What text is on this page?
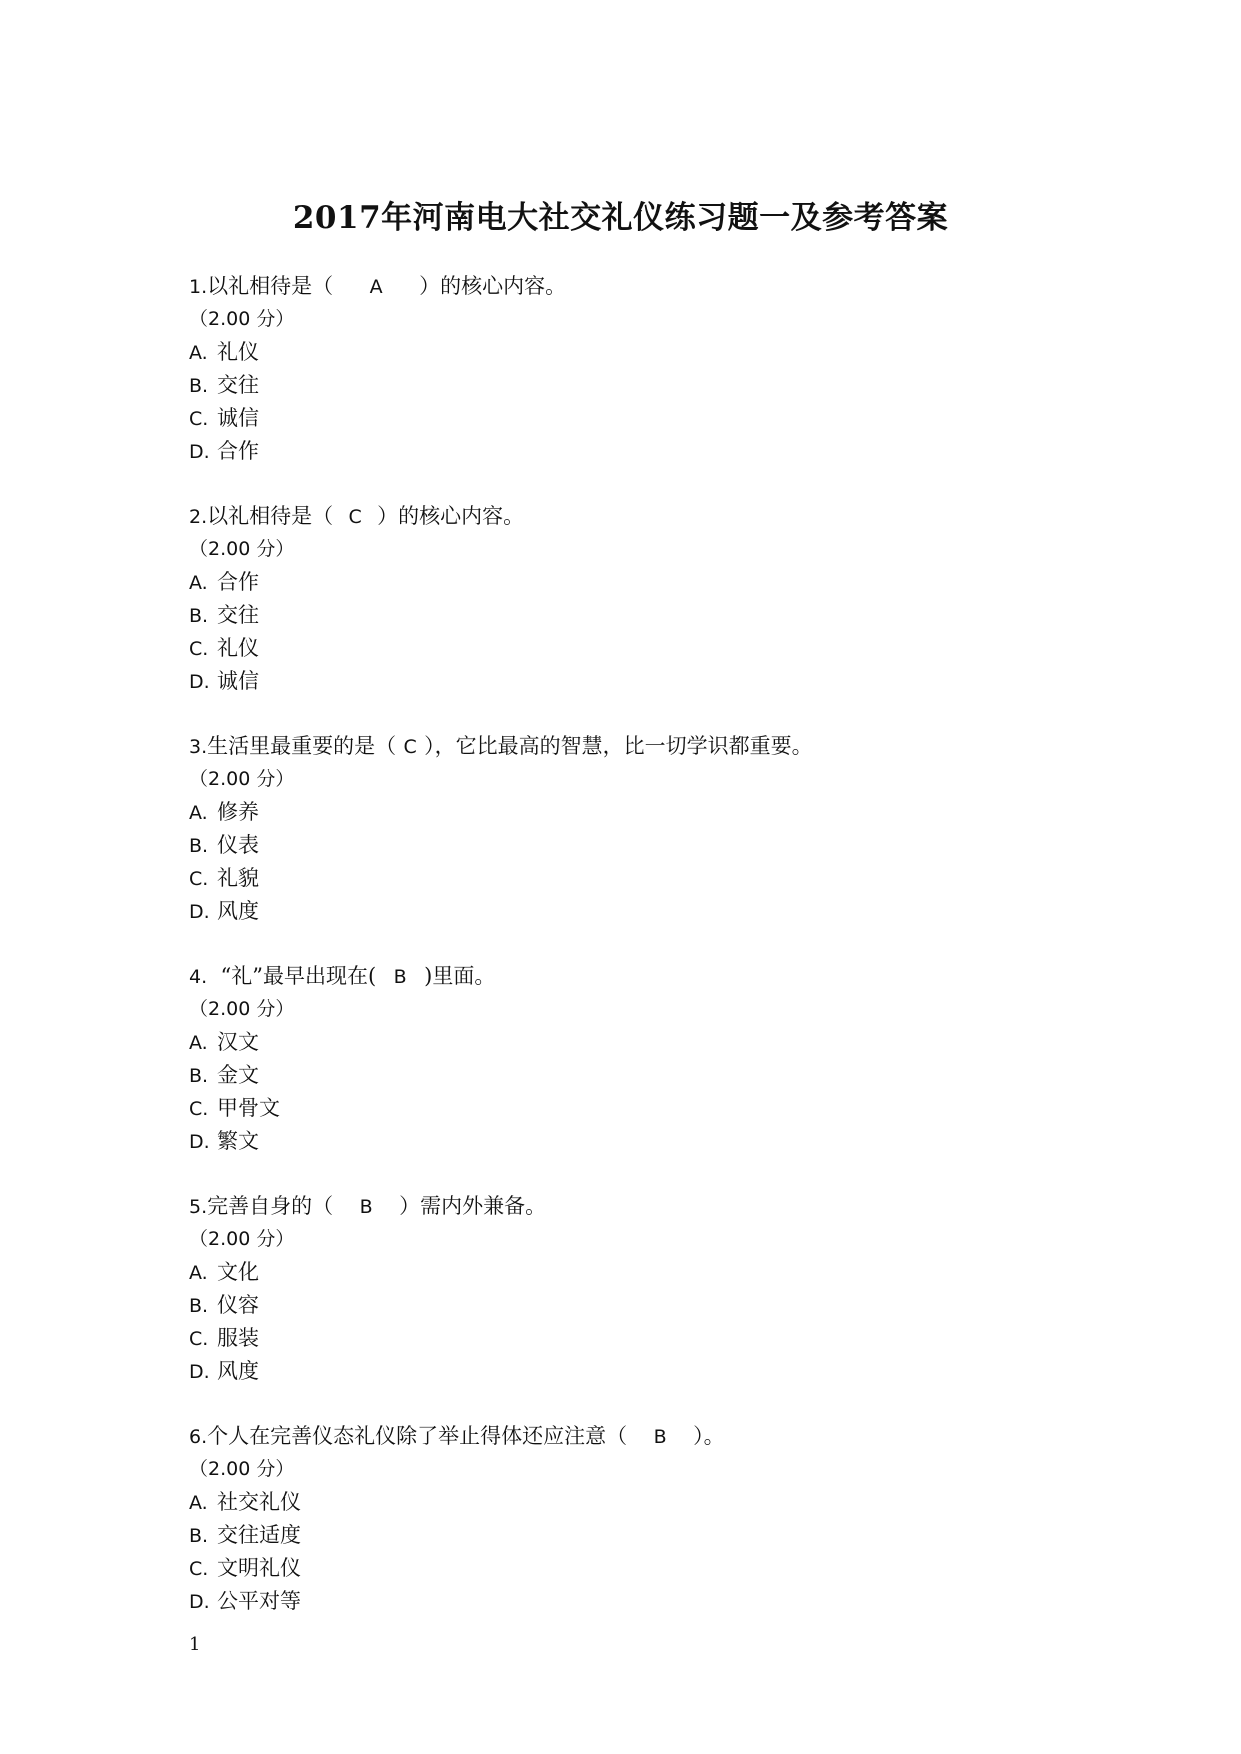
2017年河南电大社交礼仪练习题一及参考答案
1.以礼相待是（ A ）的核心内容。
（2.00 分）
A. 礼仪
B. 交往
C. 诚信
D. 合作
2.以礼相待是（ C ）的核心内容。
（2.00 分）
A. 合作
B. 交往
C. 礼仪
D. 诚信
3.生活里最重要的是（ C ），它比最高的智慧，比一切学识都重要。
（2.00 分）
A. 修养
B. 仪表
C. 礼貌
D. 风度
4.  “礼”最早出现在( B )里面。
（2.00 分）
A. 汉文
B. 金文
C. 甲骨文
D. 繁文
5.完善自身的（ B ）需内外兼备。
（2.00 分）
A. 文化
B. 仪容
C. 服装
D. 风度
6.个人在完善仪态礼仪除了举止得体还应注意（ B ）。
（2.00 分）
A. 社交礼仪
B. 交往适度
C. 文明礼仪
D. 公平对等
1
